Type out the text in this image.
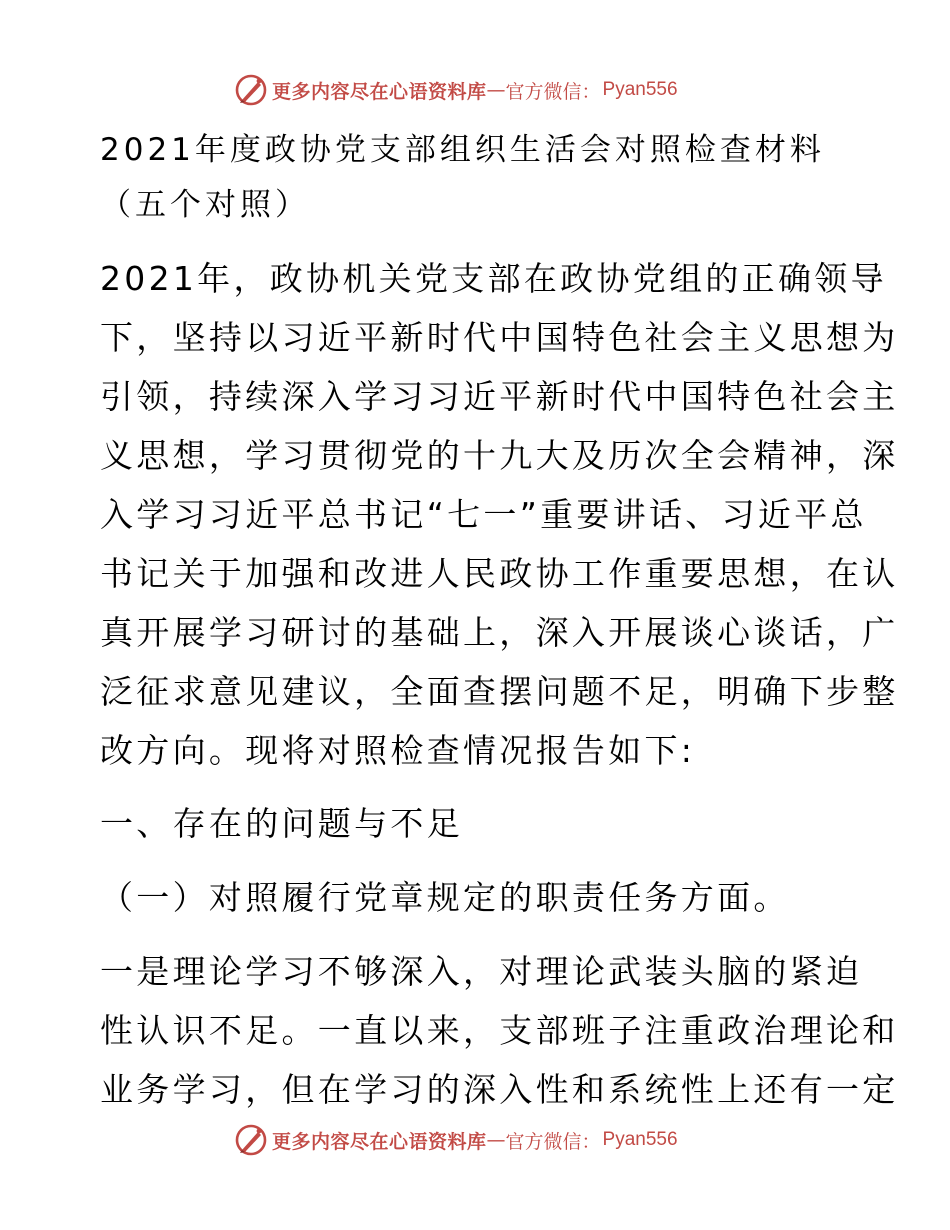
更多内容尽在心语资料库 — 官方微信： Pyan556
2021年度政协党支部组织生活会对照检查材料
（五个对照）
2021年，政协机关党支部在政协党组的正确领导
下，坚持以习近平新时代中国特色社会主义思想为
引领，持续深入学习习近平新时代中国特色社会主
义思想，学习贯彻党的十九大及历次全会精神，深
入学习习近平总书记“七一”重要讲话、习近平总
书记关于加强和改进人民政协工作重要思想，在认
真开展学习研讨的基础上，深入开展谈心谈话，广
泛征求意见建议，全面查摆问题不足，明确下步整
改方向。现将对照检查情况报告如下:
一、存在的问题与不足
（一）对照履行党章规定的职责任务方面。
一是理论学习不够深入，对理论武装头脑的紧迫
性认识不足。一直以来，支部班子注重政治理论和
业务学习，但在学习的深入性和系统性上还有一定
更多内容尽在心语资料库 — 官方微信： Pyan556
